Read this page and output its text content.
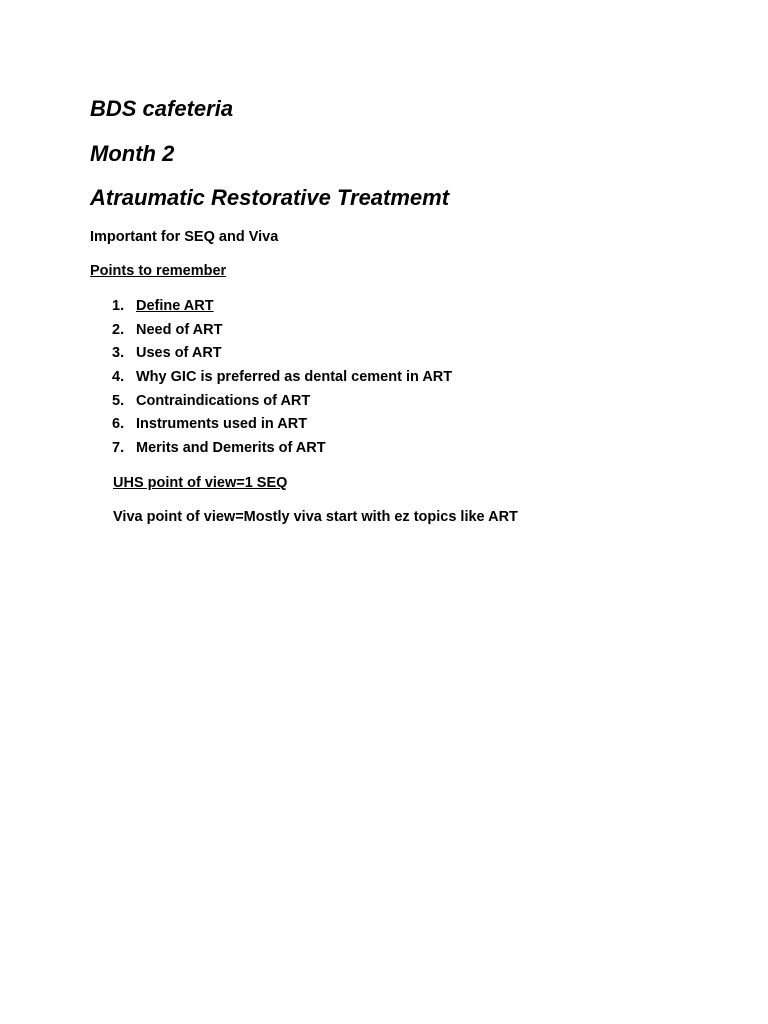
BDS cafeteria
Month 2
Atraumatic Restorative Treatmemt
Important for SEQ and Viva
Points to remember
1. Define ART
2. Need of ART
3. Uses of ART
4. Why GIC is preferred as dental cement in ART
5. Contraindications of ART
6. Instruments used in ART
7. Merits and Demerits of ART
UHS point of view=1 SEQ
Viva point of view=Mostly viva start with ez topics like ART
